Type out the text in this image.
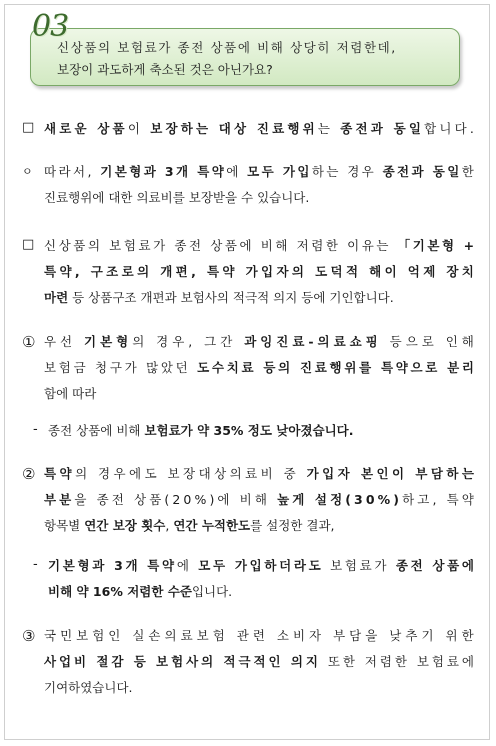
03
신상품의 보험료가 종전 상품에 비해 상당히 저렴한데,
보장이 과도하게 축소된 것은 아닌가요?
□ 새로운 상품이 보장하는 대상 진료행위는 종전과 동일합니다.
ㅇ 따라서, 기본형과 3개 특약에 모두 가입하는 경우 종전과 동일한
진료행위에 대한 의료비를 보장받을 수 있습니다.
□ 신상품의 보험료가 종전 상품에 비해 저렴한 이유는 「기본형 +
특약, 구조로의 개편, 특약 가입자의 도덕적 해이 억제 장치
마련 등 상품구조 개편과 보험사의 적극적 의지 등에 기인합니다.
① 우선 기본형의 경우, 그간 과잉진료-의료쇼핑 등으로 인해
보험금 청구가 많았던 도수치료 등의 진료행위를 특약으로 분리
함에 따라
- 종전 상품에 비해 보험료가 약 35% 정도 낮아졌습니다.
② 특약의 경우에도 보장대상의료비 중 가입자 본인이 부담하는
부분을 종전 상품(20%)에 비해 높게 설정(30%)하고, 특약
항목별 연간 보장 횟수, 연간 누적한도를 설정한 결과,
- 기본형과 3개 특약에 모두 가입하더라도 보험료가 종전 상품에
비해 약 16% 저렴한 수준입니다.
③ 국민보험인 실손의료보험 관련 소비자 부담을 낮추기 위한
사업비 절감 등 보험사의 적극적인 의지 또한 저렴한 보험료에
기여하였습니다.
